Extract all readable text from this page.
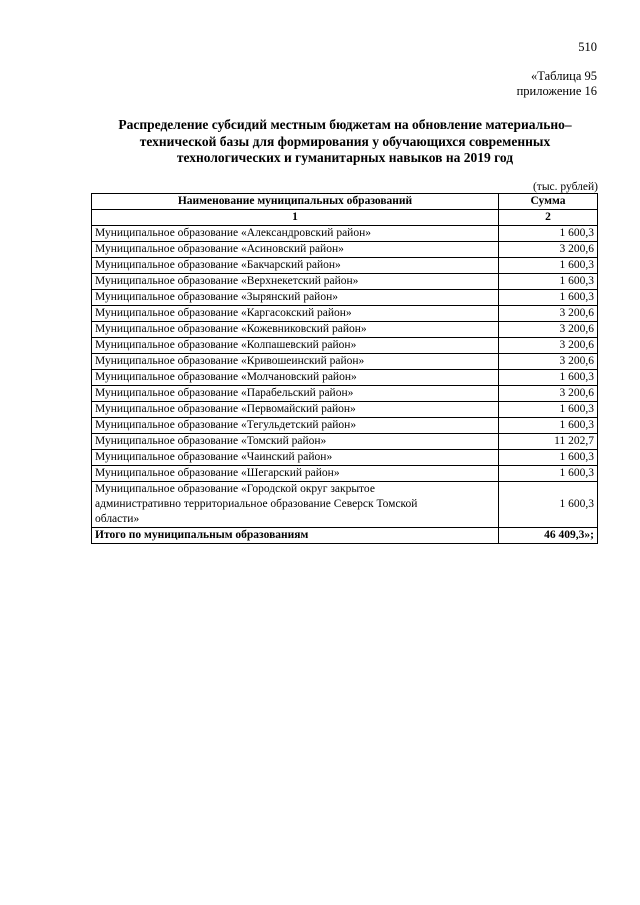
510
«Таблица 95
приложение 16
Распределение субсидий местным бюджетам на обновление материально–
технической базы для формирования у обучающихся современных
технологических и гуманитарных навыков на 2019 год
(тыс. рублей)
Наименование муниципальных образований	Сумма
1	2
Муниципальное образование «Александровский район»	1 600,3
Муниципальное образование «Асиновский район»	3 200,6
Муниципальное образование «Бакчарский район»	1 600,3
Муниципальное образование «Верхнекетский район»	1 600,3
Муниципальное образование «Зырянский район»	1 600,3
Муниципальное образование «Каргасокский район»	3 200,6
Муниципальное образование «Кожевниковский район»	3 200,6
Муниципальное образование «Колпашевский район»	3 200,6
Муниципальное образование «Кривошеинский район»	3 200,6
Муниципальное образование «Молчановский район»	1 600,3
Муниципальное образование «Парабельский район»	3 200,6
Муниципальное образование «Первомайский район»	1 600,3
Муниципальное образование «Тегульдетский район»	1 600,3
Муниципальное образование «Томский район»	11 202,7
Муниципальное образование «Чаинский район»	1 600,3
Муниципальное образование «Шегарский район»	1 600,3

Муниципальное образование «Городской округ закрытое
административно территориальное образование Северск Томской
области»	1 600,3
Итого по муниципальным образованиям	46 409,3»;
